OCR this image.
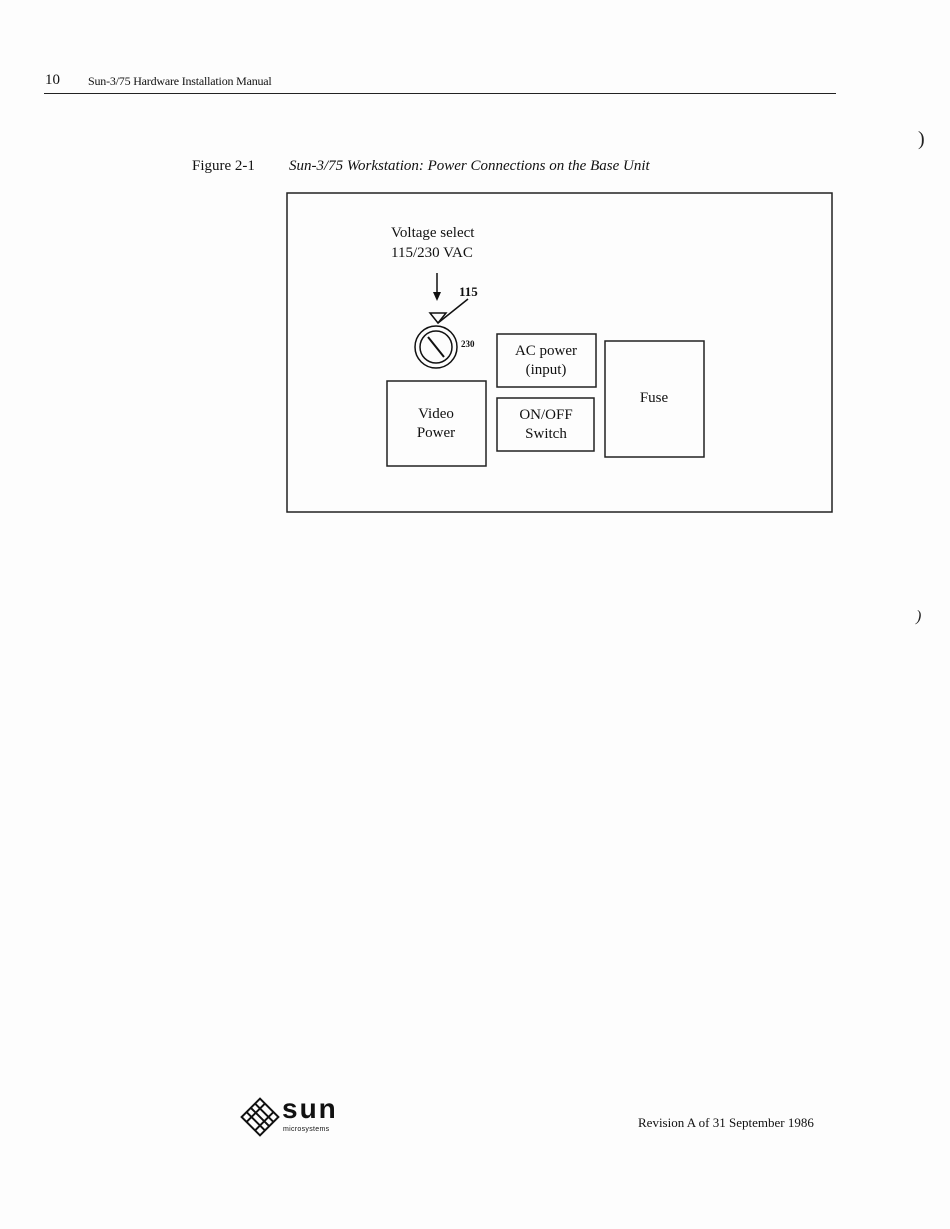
10 Sun-3/75 Hardware Installation Manual
Figure 2-1 Sun-3/75 Workstation: Power Connections on the Base Unit
Voltage select
115/230 VAC
115
230
Video
Power
AC power
(input)
ON/OFF
Switch
Fuse
)
)
sun
microsystems	Revision A of 31 September 1986
